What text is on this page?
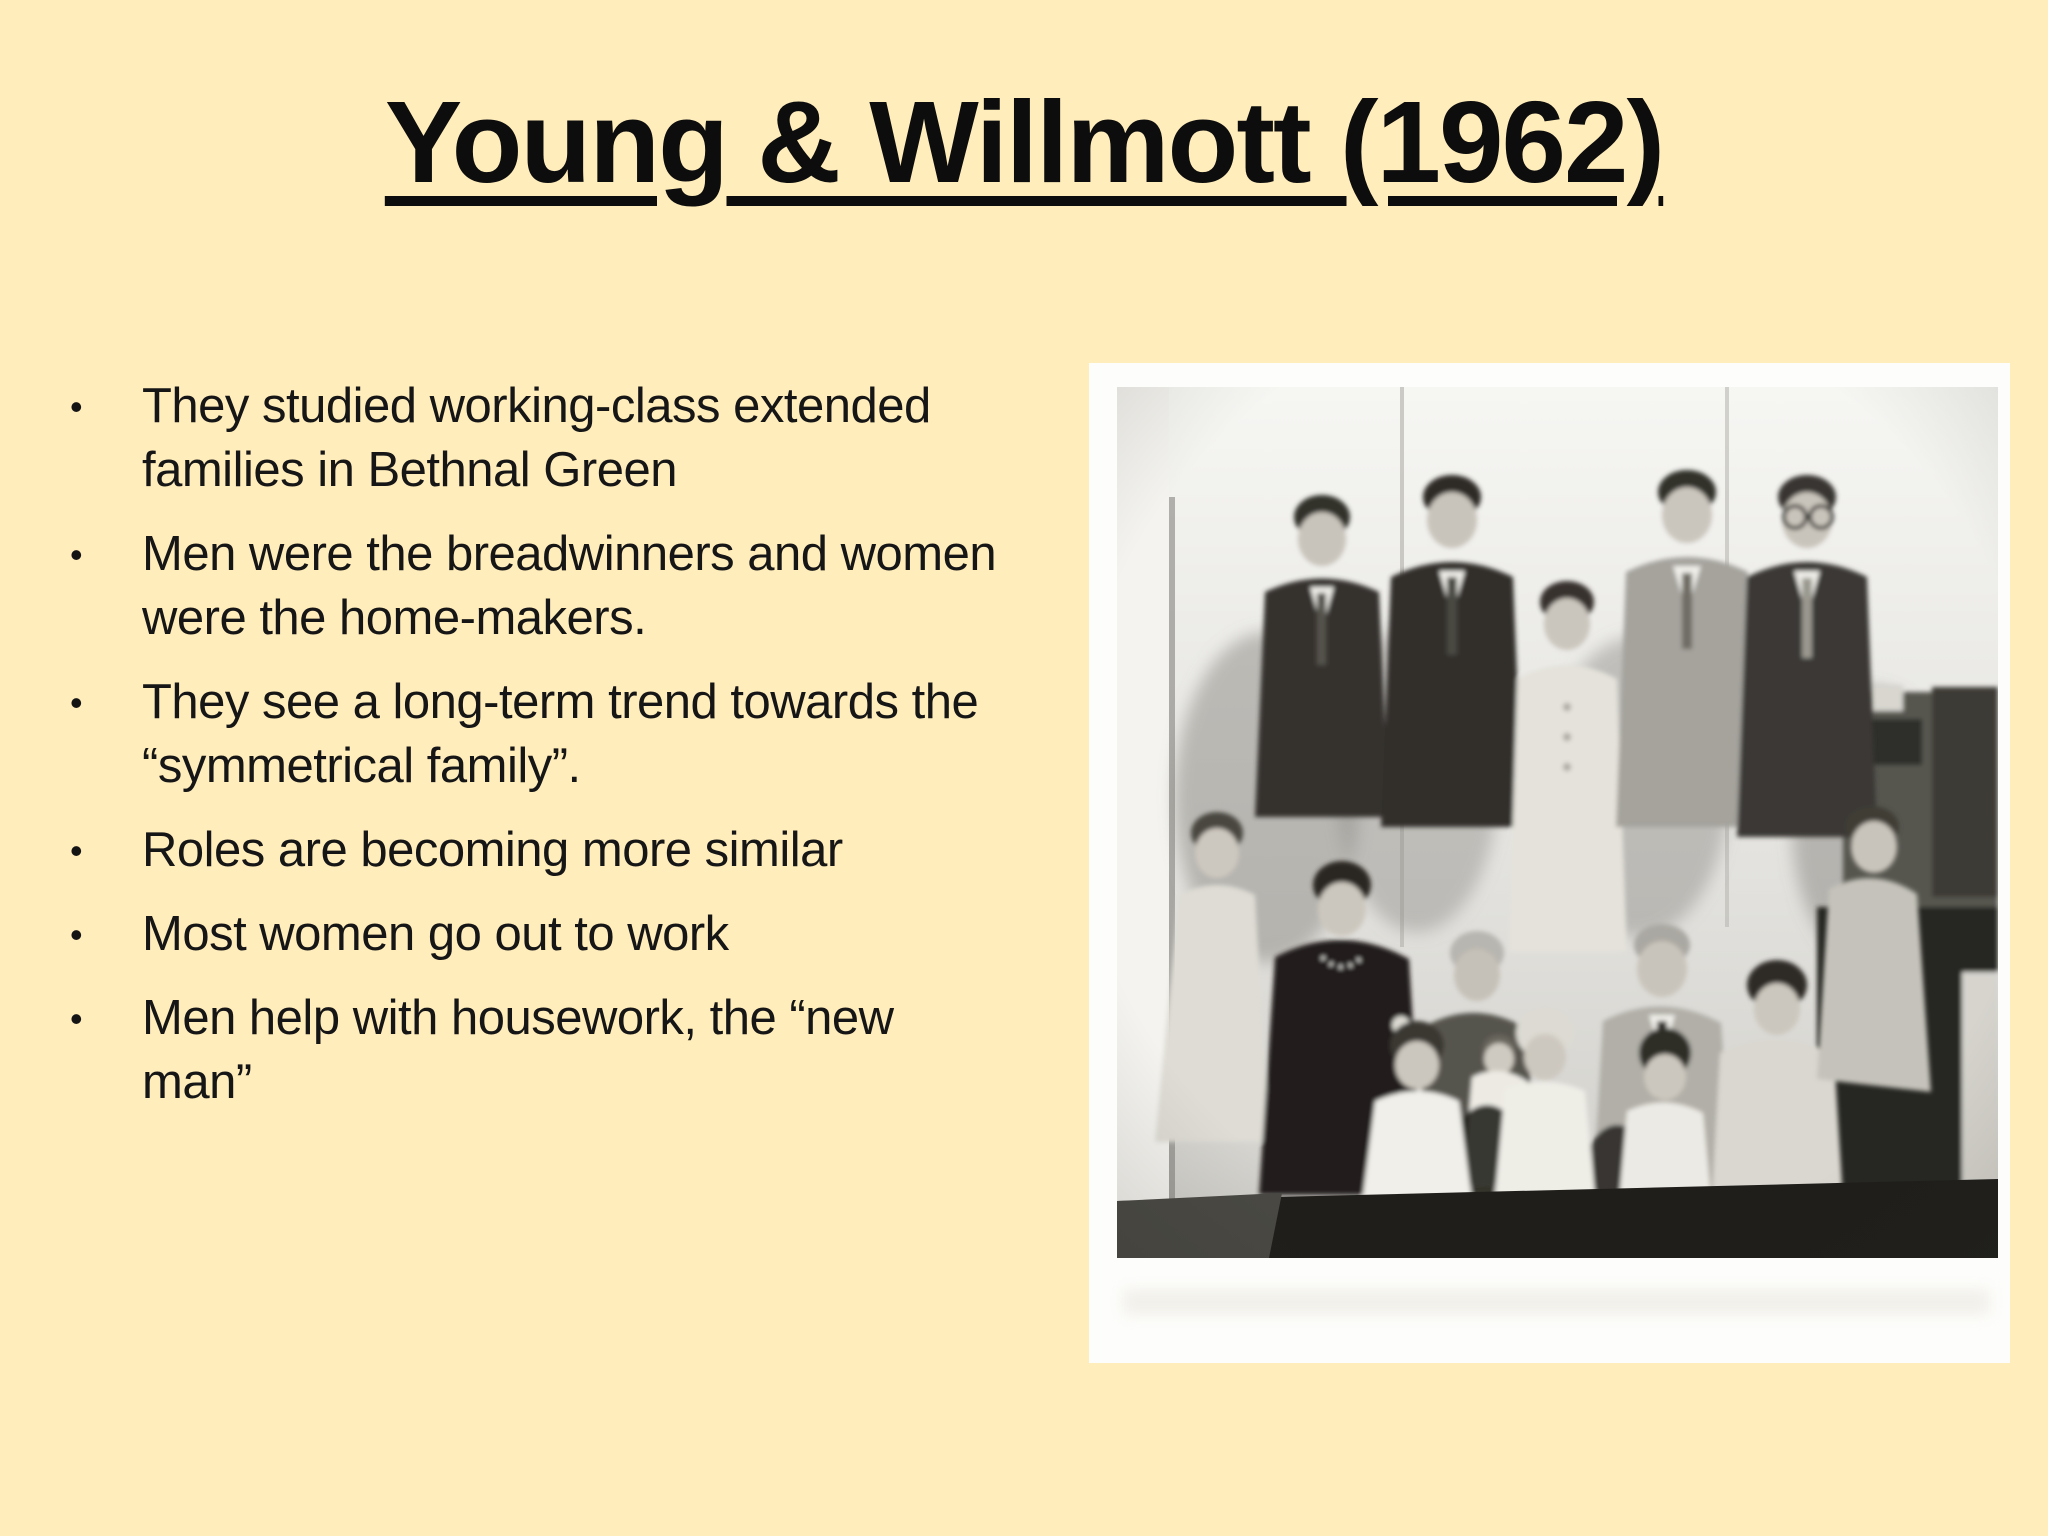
Young & Willmott (1962)
• They studied working-class extended
families in Bethnal Green
• Men were the breadwinners and women
were the home-makers.
• They see a long-term trend towards the
“symmetrical family”.
• Roles are becoming more similar
• Most women go out to work
• Men help with housework, the “new
man”
